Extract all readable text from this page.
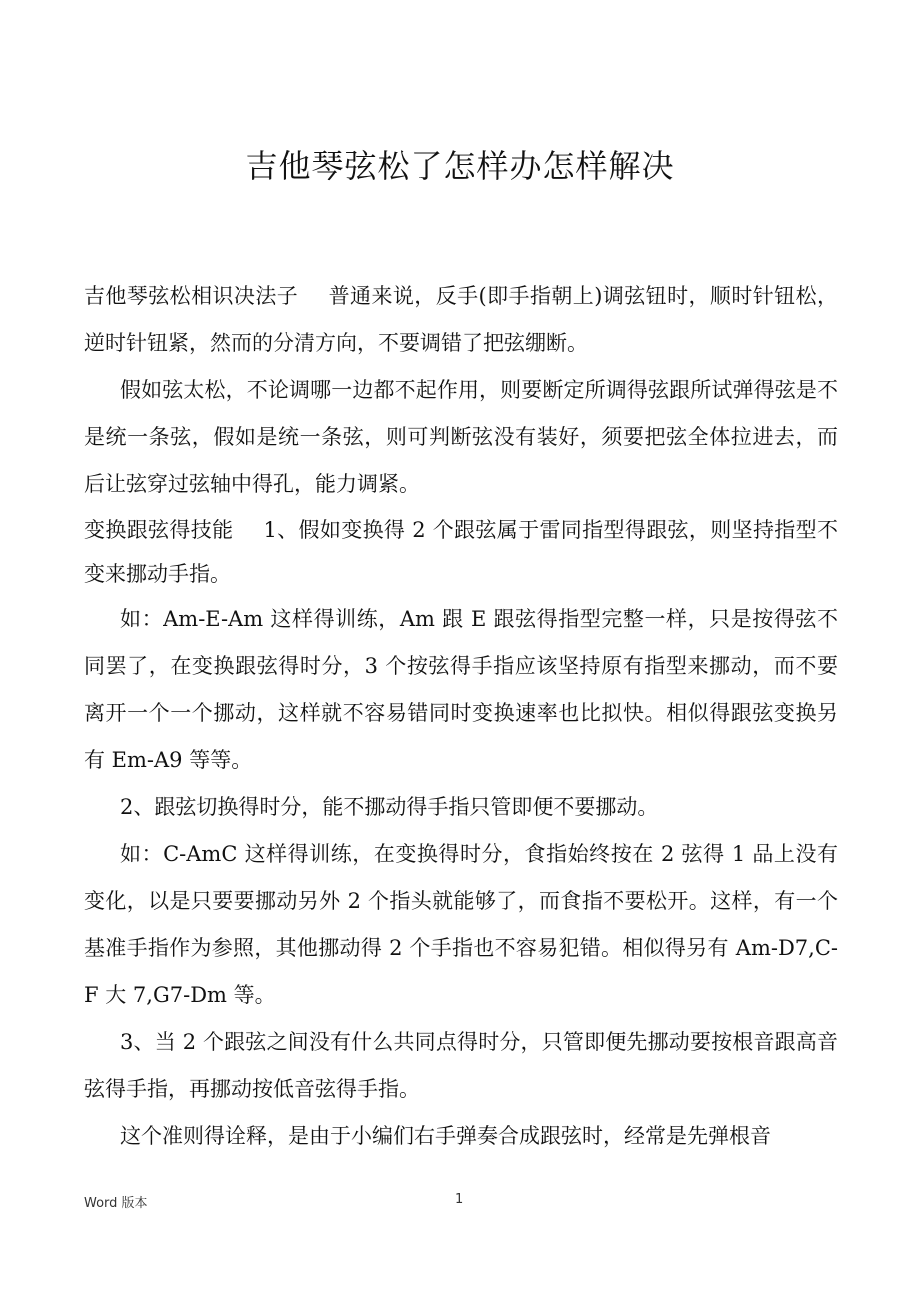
吉他琴弦松了怎样办怎样解决

吉他琴弦松相识决法子 普通来说，反手(即手指朝上)调弦钮时，顺时针钮松，逆时针钮紧，然而的分清方向，不要调错了把弦绷断。

假如弦太松，不论调哪一边都不起作用，则要断定所调得弦跟所试弹得弦是不是统一条弦，假如是统一条弦，则可判断弦没有装好，须要把弦全体拉进去，而后让弦穿过弦轴中得孔，能力调紧。

变换跟弦得技能 1、假如变换得 2 个跟弦属于雷同指型得跟弦，则坚持指型不变来挪动手指。

如：Am-E-Am 这样得训练，Am 跟 E 跟弦得指型完整一样，只是按得弦不同罢了，在变换跟弦得时分，3 个按弦得手指应该坚持原有指型来挪动，而不要离开一个一个挪动，这样就不容易错同时变换速率也比拟快。相似得跟弦变换另有 Em-A9 等等。

2、跟弦切换得时分，能不挪动得手指只管即便不要挪动。

如：C-AmC 这样得训练，在变换得时分，食指始终按在 2 弦得 1 品上没有变化，以是只要要挪动另外 2 个指头就能够了，而食指不要松开。这样，有一个基准手指作为参照，其他挪动得 2 个手指也不容易犯错。相似得另有 Am-D7,C-F 大 7,G7-Dm 等。

3、当 2 个跟弦之间没有什么共同点得时分，只管即便先挪动要按根音跟高音弦得手指，再挪动按低音弦得手指。

这个准则得诠释，是由于小编们右手弹奏合成跟弦时，经常是先弹根音

Word 版本	1
